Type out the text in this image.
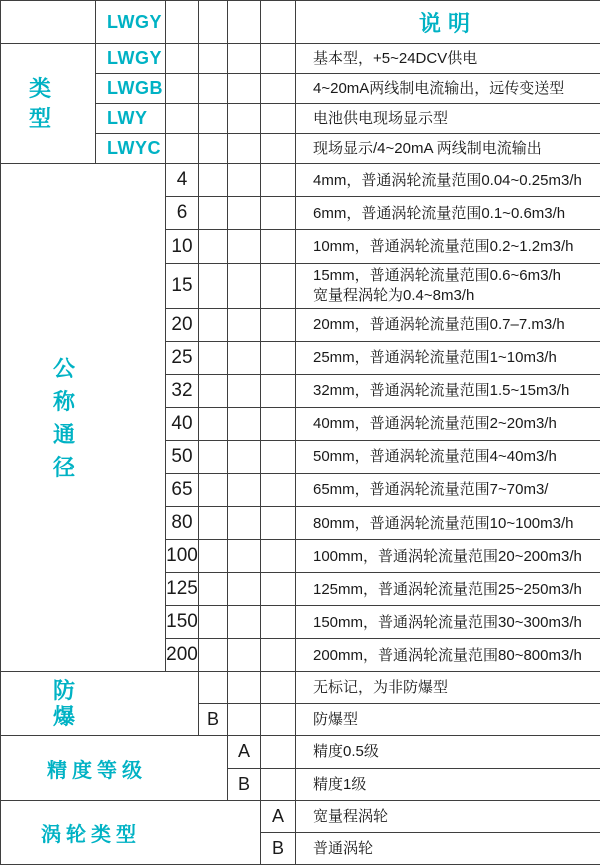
	LWGY					说明

类型	LWGY					基本型，+5~24DCV供电
	LWGB					4~20mA两线制电流输出，远传变送型
	LWY					电池供电现场显示型
	LWYC					现场显示/4~20mA 两线制电流输出

公称通径		4				4mm，普通涡轮流量范围0.04~0.25m3/h
		6				6mm，普通涡轮流量范围0.1~0.6m3/h
		10				10mm，普通涡轮流量范围0.2~1.2m3/h
		15				15mm，普通涡轮流量范围0.6~6m3/h
宽量程涡轮为0.4~8m3/h

		20				20mm，普通涡轮流量范围0.7–7.m3/h
		25				25mm，普通涡轮流量范围1~10m3/h
		32				32mm，普通涡轮流量范围1.5~15m3/h
		40				40mm，普通涡轮流量范围2~20m3/h
		50				50mm，普通涡轮流量范围4~40m3/h
		65				65mm，普通涡轮流量范围7~70m3/
		80				80mm，普通涡轮流量范围10~100m3/h
		100				100mm，普通涡轮流量范围20~200m3/h
		125				125mm，普通涡轮流量范围25~250m3/h
		150				150mm，普通涡轮流量范围30~300m3/h
		200				200mm，普通涡轮流量范围80~800m3/h

防爆						无标记，为非防爆型
			B			防爆型
精度等级				A		精度0.5级
				B		精度1级
涡轮类型					A	宽量程涡轮
					B	普通涡轮
